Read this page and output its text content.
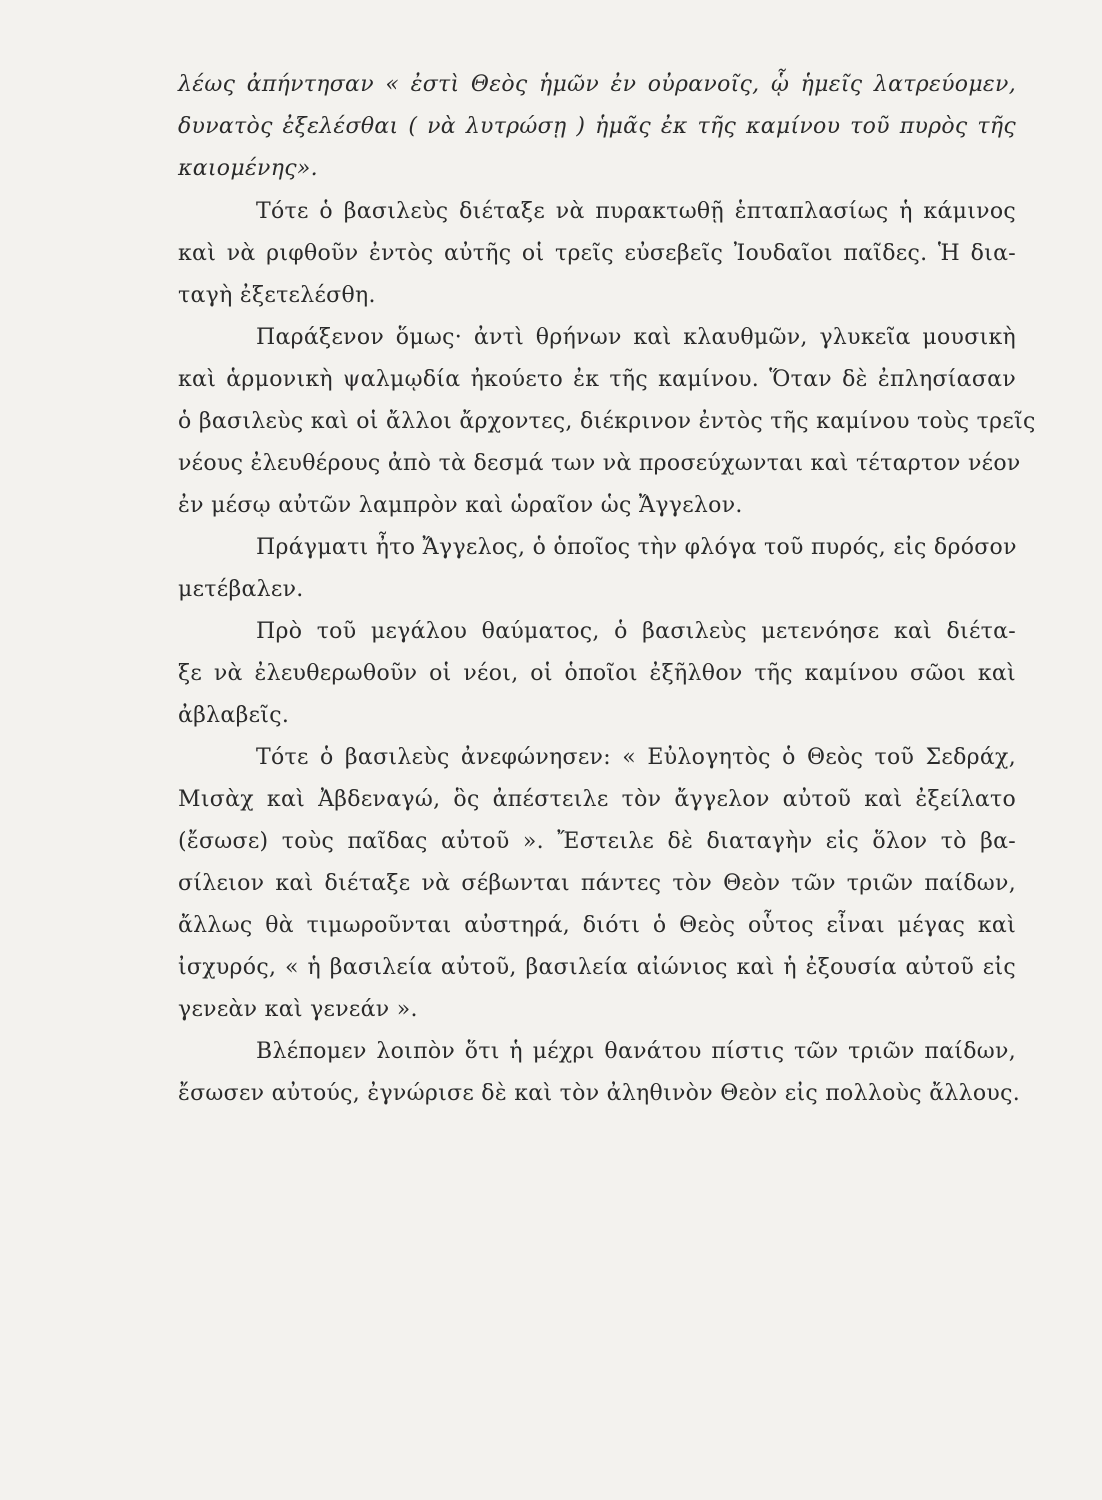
λέως ἀπήντησαν « ἐστὶ Θεὸς ἡμῶν ἐν οὐρανοῖς, ᾧ ἡμεῖς λατρεύομεν,
δυνατὸς ἐξελέσθαι ( νὰ λυτρώσῃ ) ἡμᾶς ἐκ τῆς καμίνου τοῦ πυρὸς τῆς
καιομένης».
Τότε ὁ βασιλεὺς διέταξε νὰ πυρακτωθῇ ἑπταπλασίως ἡ κάμινος
καὶ νὰ ριφθοῦν ἐντὸς αὐτῆς οἱ τρεῖς εὐσεβεῖς Ἰουδαῖοι παῖδες. Ἡ δια-
ταγὴ ἐξετελέσθη.
Παράξενον ὅμως· ἀντὶ θρήνων καὶ κλαυθμῶν, γλυκεῖα μουσικὴ
καὶ ἁρμονικὴ ψαλμῳδία ἠκούετο ἐκ τῆς καμίνου. Ὅταν δὲ ἐπλησίασαν
ὁ βασιλεὺς καὶ οἱ ἄλλοι ἄρχοντες, διέκρινον ἐντὸς τῆς καμίνου τοὺς τρεῖς
νέους ἐλευθέρους ἀπὸ τὰ δεσμά των νὰ προσεύχωνται καὶ τέταρτον νέον
ἐν μέσῳ αὐτῶν λαμπρὸν καὶ ὡραῖον ὡς Ἄγγελον.
Πράγματι ἦτο Ἄγγελος, ὁ ὁποῖος τὴν φλόγα τοῦ πυρός, εἰς δρόσον
μετέβαλεν.
Πρὸ τοῦ μεγάλου θαύματος, ὁ βασιλεὺς μετενόησε καὶ διέτα-
ξε νὰ ἐλευθερωθοῦν οἱ νέοι, οἱ ὁποῖοι ἐξῆλθον τῆς καμίνου σῶοι καὶ
ἀβλαβεῖς.
Τότε ὁ βασιλεὺς ἀνεφώνησεν: « Εὐλογητὸς ὁ Θεὸς τοῦ Σεδράχ,
Μισὰχ καὶ Ἀβδεναγώ, ὃς ἀπέστειλε τὸν ἄγγελον αὐτοῦ καὶ ἐξείλατο
(ἔσωσε) τοὺς παῖδας αὐτοῦ ». Ἔστειλε δὲ διαταγὴν εἰς ὅλον τὸ βα-
σίλειον καὶ διέταξε νὰ σέβωνται πάντες τὸν Θεὸν τῶν τριῶν παίδων,
ἄλλως θὰ τιμωροῦνται αὐστηρά, διότι ὁ Θεὸς οὗτος εἶναι μέγας καὶ
ἰσχυρός, « ἡ βασιλεία αὐτοῦ, βασιλεία αἰώνιος καὶ ἡ ἐξουσία αὐτοῦ εἰς
γενεὰν καὶ γενεάν ».
Βλέπομεν λοιπὸν ὅτι ἡ μέχρι θανάτου πίστις τῶν τριῶν παίδων,
ἔσωσεν αὐτούς, ἐγνώρισε δὲ καὶ τὸν ἀληθινὸν Θεὸν εἰς πολλοὺς ἄλλους.
